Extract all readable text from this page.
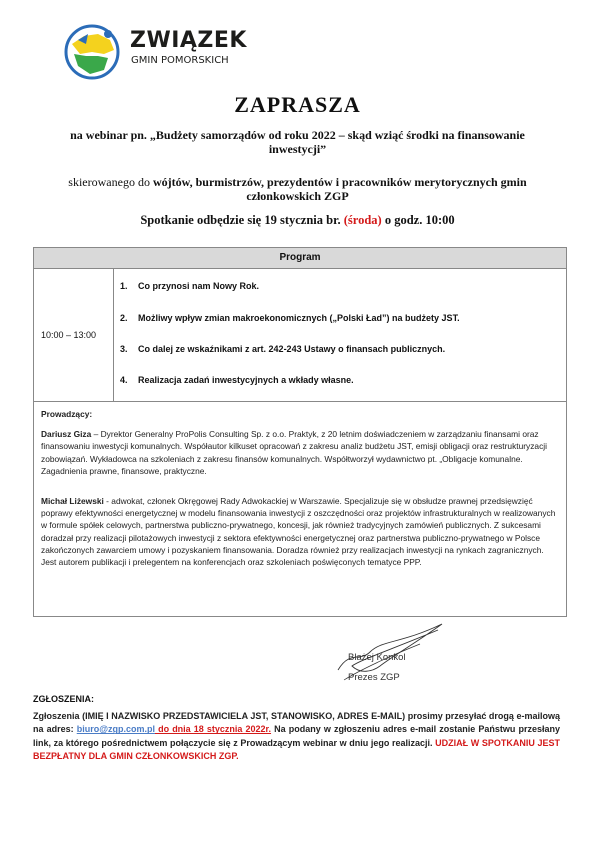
ZWIĄZEK
GMIN POMORSKICH
ZAPRASZA
na webinar pn. „Budżety samorządów od roku 2022 – skąd wziąć środki na finansowanie inwestycji”
skierowanego do wójtów, burmistrzów, prezydentów i pracowników merytorycznych gmin członkowskich ZGP
Spotkanie odbędzie się 19 stycznia br. (środa) o godz. 10:00
Program
10:00 – 13:00
1. Co przynosi nam Nowy Rok.
2. Możliwy wpływ zmian makroekonomicznych („Polski Ład”) na budżety JST.
3. Co dalej ze wskaźnikami z art. 242-243 Ustawy o finansach publicznych.
4. Realizacja zadań inwestycyjnych a wkłady własne.

Prowadzący:

Dariusz Giza – Dyrektor Generalny ProPolis Consulting Sp. z o.o. Praktyk, z 20 letnim doświadczeniem w zarządzaniu finansami oraz finansowaniu inwestycji komunalnych. Współautor kilkuset opracowań z zakresu analiz budżetu JST, emisji obligacji oraz restrukturyzacji zobowiązań. Wykładowca na szkoleniach z zakresu finansów komunalnych. Współtworzył wydawnictwo pt. „Obligacje komunalne. Zagadnienia prawne, finansowe, praktyczne.

Michał Liżewski - adwokat, członek Okręgowej Rady Adwokackiej w Warszawie. Specjalizuje się w obsłudze prawnej przedsięwzięć poprawy efektywności energetycznej w modelu finansowania inwestycji z oszczędności oraz projektów infrastrukturalnych w realizowanych w formule spółek celowych, partnerstwa publiczno-prywatnego, koncesji, jak również tradycyjnych zamówień publicznych. Z sukcesami doradzał przy realizacji pilotażowych inwestycji z sektora efektywności energetycznej oraz partnerstwa publiczno-prywatnego w Polsce zakończonych zawarciem umowy i pozyskaniem finansowania. Doradza również przy realizacjach inwestycji na rynkach zagranicznych. Jest autorem publikacji i prelegentem na konferencjach oraz szkoleniach poświęconych tematyce PPP.

Błażej Konkol
Prezes ZGP
ZGŁOSZENIA:
Zgłoszenia (IMIĘ I NAZWISKO PRZEDSTAWICIELA JST, STANOWISKO, ADRES E-MAIL) prosimy przesyłać drogą e-mailową na adres: biuro@zgp.com.pl do dnia 18 stycznia 2022r. Na podany w zgłoszeniu adres e-mail zostanie Państwu przesłany link, za którego pośrednictwem połączycie się z Prowadzącym webinar w dniu jego realizacji. UDZIAŁ W SPOTKANIU JEST BEZPŁATNY DLA GMIN CZŁONKOWSKICH ZGP.
